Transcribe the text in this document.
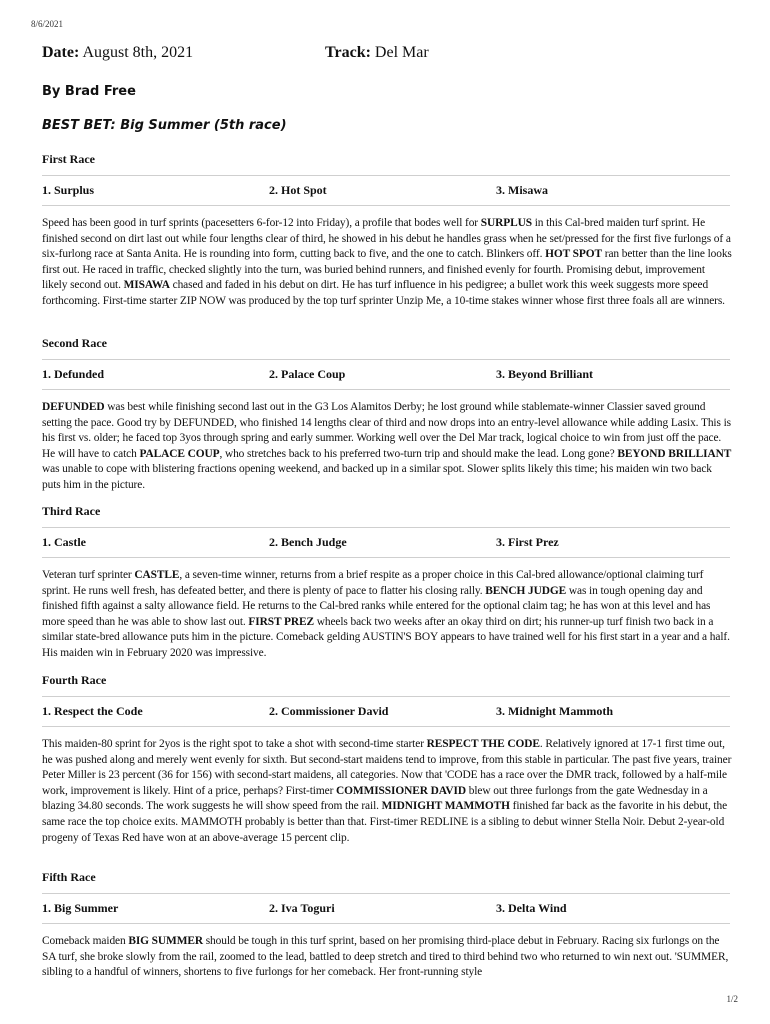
8/6/2021
Date: August 8th, 2021	Track: Del Mar
By Brad Free
BEST BET: Big Summer (5th race)
First Race
1. Surplus	2. Hot Spot	3. Misawa
Speed has been good in turf sprints (pacesetters 6-for-12 into Friday), a profile that bodes well for SURPLUS in this Cal-bred maiden turf sprint. He finished second on dirt last out while four lengths clear of third, he showed in his debut he handles grass when he set/pressed for the first five furlongs of a six-furlong race at Santa Anita. He is rounding into form, cutting back to five, and the one to catch. Blinkers off. HOT SPOT ran better than the line looks first out. He raced in traffic, checked slightly into the turn, was buried behind runners, and finished evenly for fourth. Promising debut, improvement likely second out. MISAWA chased and faded in his debut on dirt. He has turf influence in his pedigree; a bullet work this week suggests more speed forthcoming. First-time starter ZIP NOW was produced by the top turf sprinter Unzip Me, a 10-time stakes winner whose first three foals all are winners.
Second Race
1. Defunded	2. Palace Coup	3. Beyond Brilliant
DEFUNDED was best while finishing second last out in the G3 Los Alamitos Derby; he lost ground while stablemate-winner Classier saved ground setting the pace. Good try by DEFUNDED, who finished 14 lengths clear of third and now drops into an entry-level allowance while adding Lasix. This is his first vs. older; he faced top 3yos through spring and early summer. Working well over the Del Mar track, logical choice to win from just off the pace. He will have to catch PALACE COUP, who stretches back to his preferred two-turn trip and should make the lead. Long gone? BEYOND BRILLIANT was unable to cope with blistering fractions opening weekend, and backed up in a similar spot. Slower splits likely this time; his maiden win two back puts him in the picture.
Third Race
1. Castle	2. Bench Judge	3. First Prez
Veteran turf sprinter CASTLE, a seven-time winner, returns from a brief respite as a proper choice in this Cal-bred allowance/optional claiming turf sprint. He runs well fresh, has defeated better, and there is plenty of pace to flatter his closing rally. BENCH JUDGE was in tough opening day and finished fifth against a salty allowance field. He returns to the Cal-bred ranks while entered for the optional claim tag; he has won at this level and has more speed than he was able to show last out. FIRST PREZ wheels back two weeks after an okay third on dirt; his runner-up turf finish two back in a similar state-bred allowance puts him in the picture. Comeback gelding AUSTIN'S BOY appears to have trained well for his first start in a year and a half. His maiden win in February 2020 was impressive.
Fourth Race
1. Respect the Code	2. Commissioner David	3. Midnight Mammoth
This maiden-80 sprint for 2yos is the right spot to take a shot with second-time starter RESPECT THE CODE. Relatively ignored at 17-1 first time out, he was pushed along and merely went evenly for sixth. But second-start maidens tend to improve, from this stable in particular. The past five years, trainer Peter Miller is 23 percent (36 for 156) with second-start maidens, all categories. Now that 'CODE has a race over the DMR track, followed by a half-mile work, improvement is likely. Hint of a price, perhaps? First-timer COMMISSIONER DAVID blew out three furlongs from the gate Wednesday in a blazing 34.80 seconds. The work suggests he will show speed from the rail. MIDNIGHT MAMMOTH finished far back as the favorite in his debut, the same race the top choice exits. MAMMOTH probably is better than that. First-timer REDLINE is a sibling to debut winner Stella Noir. Debut 2-year-old progeny of Texas Red have won at an above-average 15 percent clip.
Fifth Race
1. Big Summer	2. Iva Toguri	3. Delta Wind
Comeback maiden BIG SUMMER should be tough in this turf sprint, based on her promising third-place debut in February. Racing six furlongs on the SA turf, she broke slowly from the rail, zoomed to the lead, battled to deep stretch and tired to third behind two who returned to win next out. 'SUMMER, sibling to a handful of winners, shortens to five furlongs for her comeback. Her front-running style
1/2
